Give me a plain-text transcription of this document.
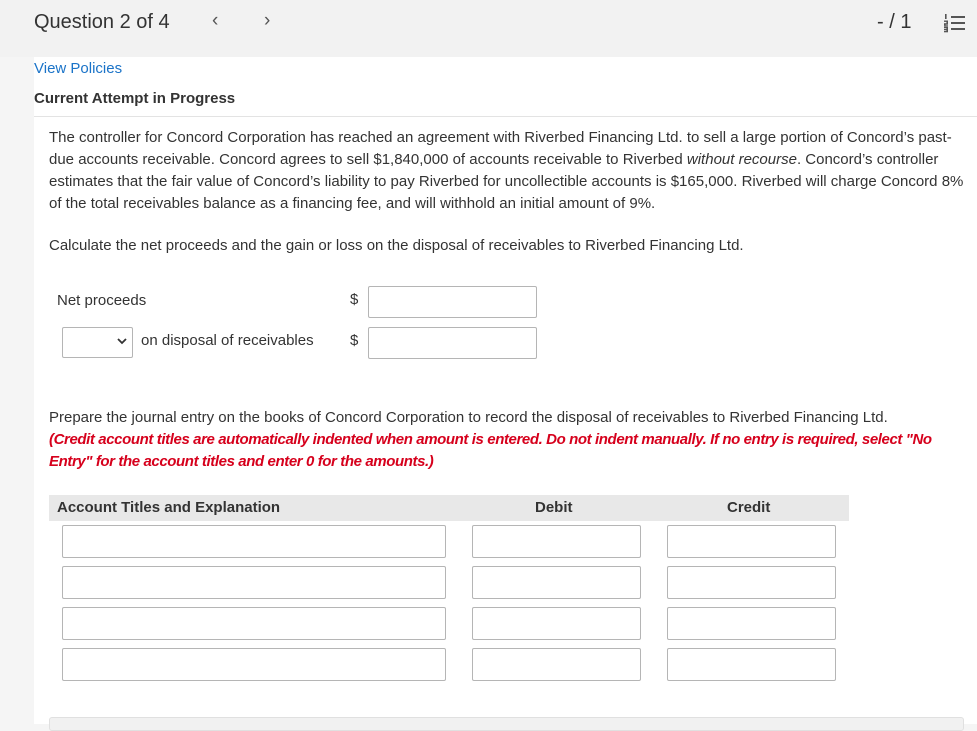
Question 2 of 4 ‹ ›	- / 1
View Policies
Current Attempt in Progress
The controller for Concord Corporation has reached an agreement with Riverbed Financing Ltd. to sell a large portion of Concord’s past-due accounts receivable. Concord agrees to sell $1,840,000 of accounts receivable to Riverbed without recourse. Concord’s controller estimates that the fair value of Concord’s liability to pay Riverbed for uncollectible accounts is $165,000. Riverbed will charge Concord 8% of the total receivables balance as a financing fee, and will withhold an initial amount of 9%.
Calculate the net proceeds and the gain or loss on the disposal of receivables to Riverbed Financing Ltd.
Net proceeds	$
on disposal of receivables $
Prepare the journal entry on the books of Concord Corporation to record the disposal of receivables to Riverbed Financing Ltd.
(Credit account titles are automatically indented when amount is entered. Do not indent manually. If no entry is required, select "No Entry" for the account titles and enter 0 for the amounts.)
Account Titles and Explanation	Debit	Credit
